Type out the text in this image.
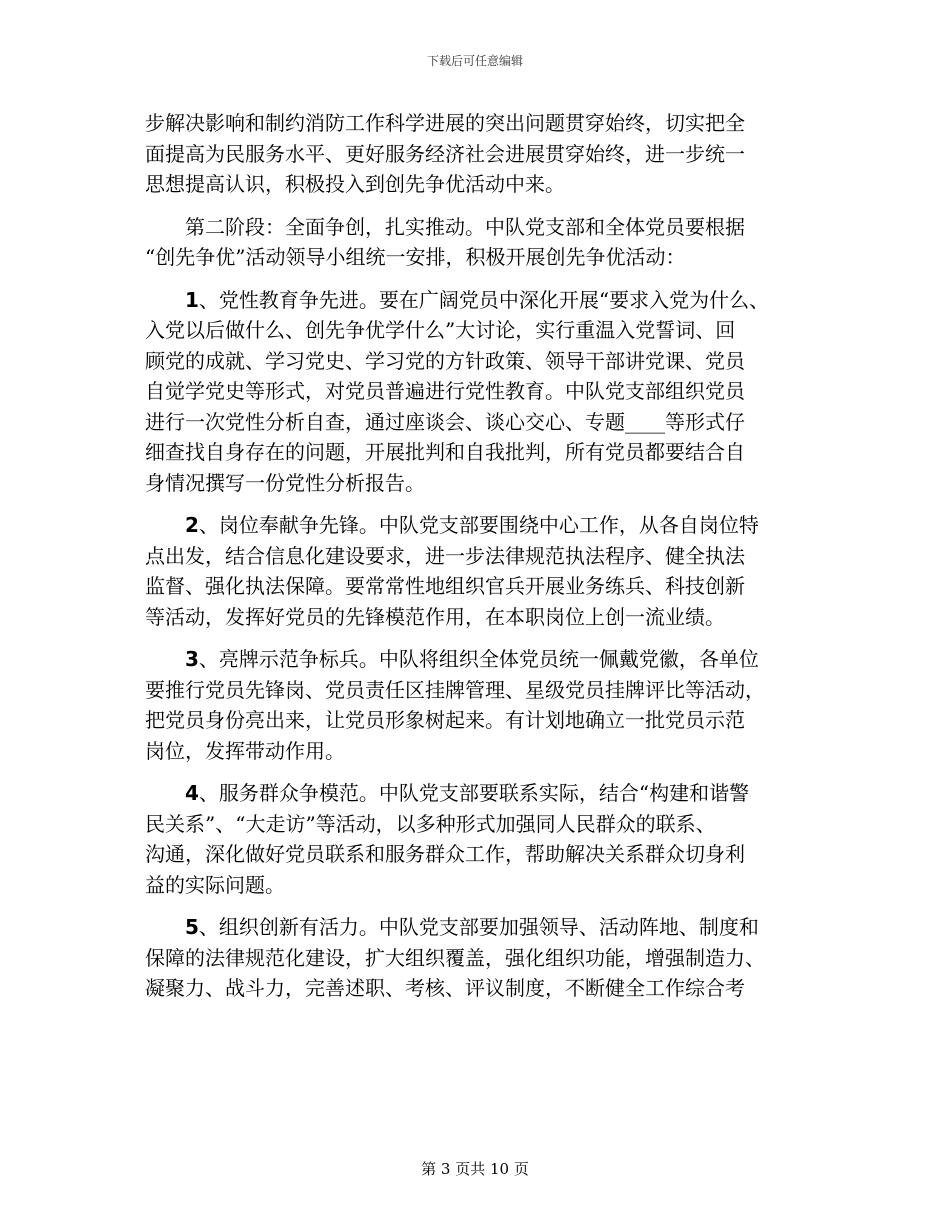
下载后可任意编辑
步解决影响和制约消防工作科学进展的突出问题贯穿始终，切实把全
面提高为民服务水平、更好服务经济社会进展贯穿始终，进一步统一
思想提高认识，积极投入到创先争优活动中来。
第二阶段：全面争创，扎实推动。中队党支部和全体党员要根据
“创先争优”活动领导小组统一安排，积极开展创先争优活动：
1、党性教育争先进。要在广阔党员中深化开展“要求入党为什么、
入党以后做什么、创先争优学什么”大讨论，实行重温入党誓词、回
顾党的成就、学习党史、学习党的方针政策、领导干部讲党课、党员
自觉学党史等形式，对党员普遍进行党性教育。中队党支部组织党员
进行一次党性分析自查，通过座谈会、谈心交心、专题____等形式仔
细查找自身存在的问题，开展批判和自我批判，所有党员都要结合自
身情况撰写一份党性分析报告。
2、岗位奉献争先锋。中队党支部要围绕中心工作，从各自岗位特
点出发，结合信息化建设要求，进一步法律规范执法程序、健全执法
监督、强化执法保障。要常常性地组织官兵开展业务练兵、科技创新
等活动，发挥好党员的先锋模范作用，在本职岗位上创一流业绩。
3、亮牌示范争标兵。中队将组织全体党员统一佩戴党徽，各单位
要推行党员先锋岗、党员责任区挂牌管理、星级党员挂牌评比等活动，
把党员身份亮出来，让党员形象树起来。有计划地确立一批党员示范
岗位，发挥带动作用。
4、服务群众争模范。中队党支部要联系实际，结合“构建和谐警
民关系”、“大走访”等活动，以多种形式加强同人民群众的联系、
沟通，深化做好党员联系和服务群众工作，帮助解决关系群众切身利
益的实际问题。
5、组织创新有活力。中队党支部要加强领导、活动阵地、制度和
保障的法律规范化建设，扩大组织覆盖，强化组织功能，增强制造力、
凝聚力、战斗力，完善述职、考核、评议制度，不断健全工作综合考
第 3 页共 10 页
